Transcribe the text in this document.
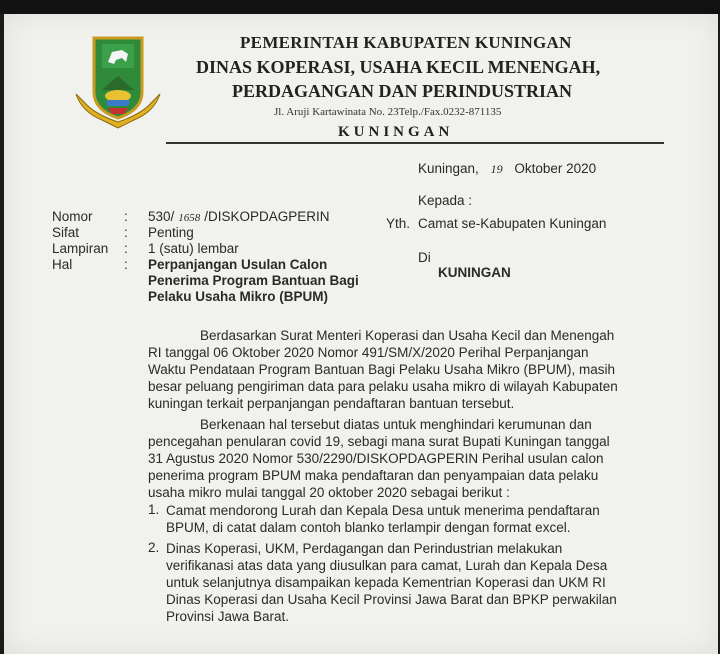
PEMERINTAH KABUPATEN KUNINGAN
DINAS KOPERASI, USAHA KECIL MENENGAH,
PERDAGANGAN DAN PERINDUSTRIAN
Jl. Aruji Kartawinata No. 23Telp./Fax.0232-871135
KUNINGAN
Kuningan, 19 Oktober 2020
Kepada :
Yth. Camat se-Kabupaten Kuningan
Di
KUNINGAN
Nomor : 530/ 1658 /DISKOPDAGPERIN
Sifat	: Penting
Lampiran : 1 (satu) lembar
Hal	: Perpanjangan Usulan Calon
Penerima Program Bantuan Bagi
Pelaku Usaha Mikro (BPUM)

Berdasarkan Surat Menteri Koperasi dan Usaha Kecil dan Menengah

RI tanggal 06 Oktober 2020 Nomor 491/SM/X/2020 Perihal Perpanjangan

Waktu Pendataan Program Bantuan Bagi Pelaku Usaha Mikro (BPUM), masih

besar peluang pengiriman data para pelaku usaha mikro di wilayah Kabupaten

kuningan terkait perpanjangan pendaftaran bantuan tersebut.

Berkenaan hal tersebut diatas untuk menghindari kerumunan dan

pencegahan penularan covid 19, sebagi mana surat Bupati Kuningan tanggal

31 Agustus 2020 Nomor 530/2290/DISKOPDAGPERIN Perihal usulan calon

penerima program BPUM maka pendaftaran dan penyampaian data pelaku

usaha mikro mulai tanggal 20 oktober 2020 sebagai berikut :

1. Camat mendorong Lurah dan Kepala Desa untuk menerima pendaftaran

BPUM, di catat dalam contoh blanko terlampir dengan format excel.

2. Dinas Koperasi, UKM, Perdagangan dan Perindustrian melakukan

verifikanasi atas data yang diusulkan para camat, Lurah dan Kepala Desa

untuk selanjutnya disampaikan kepada Kementrian Koperasi dan UKM RI

Dinas Koperasi dan Usaha Kecil Provinsi Jawa Barat dan BPKP perwakilan

Provinsi Jawa Barat.
